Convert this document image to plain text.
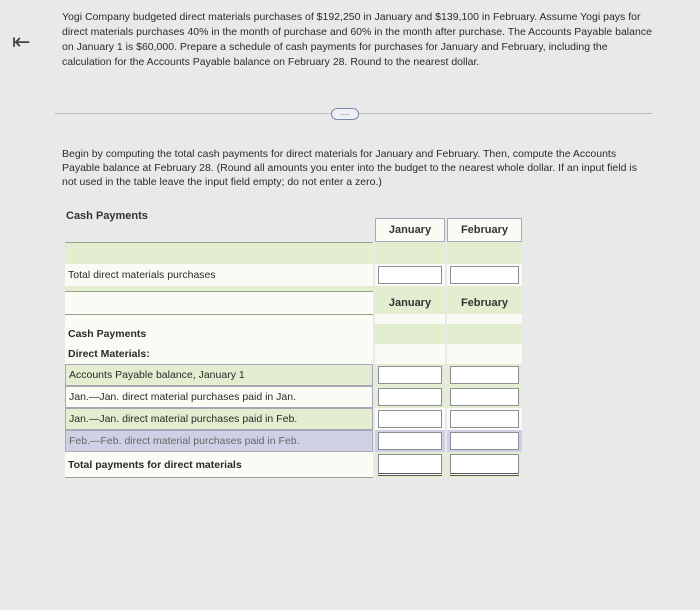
⇤
Yogi Company budgeted direct materials purchases of $192,250 in January and $139,100 in February. Assume Yogi pays for direct materials purchases 40% in the month of purchase and 60% in the month after purchase. The Accounts Payable balance on January 1 is $60,000. Prepare a schedule of cash payments for purchases for January and February, including the calculation for the Accounts Payable balance on February 28. Round to the nearest dollar.
....
Begin by computing the total cash payments for direct materials for January and February. Then, compute the Accounts Payable balance at February 28. (Round all amounts you enter into the budget to the nearest whole dollar. If an input field is not used in the table leave the input field empty; do not enter a zero.)
Cash Payments
January	February
Total direct materials purchases
January	February
Cash Payments
Direct Materials:
Accounts Payable balance, January 1
Jan.—Jan. direct material purchases paid in Jan.
Jan.—Jan. direct material purchases paid in Feb.
Feb.—Feb. direct material purchases paid in Feb.
Total payments for direct materials
